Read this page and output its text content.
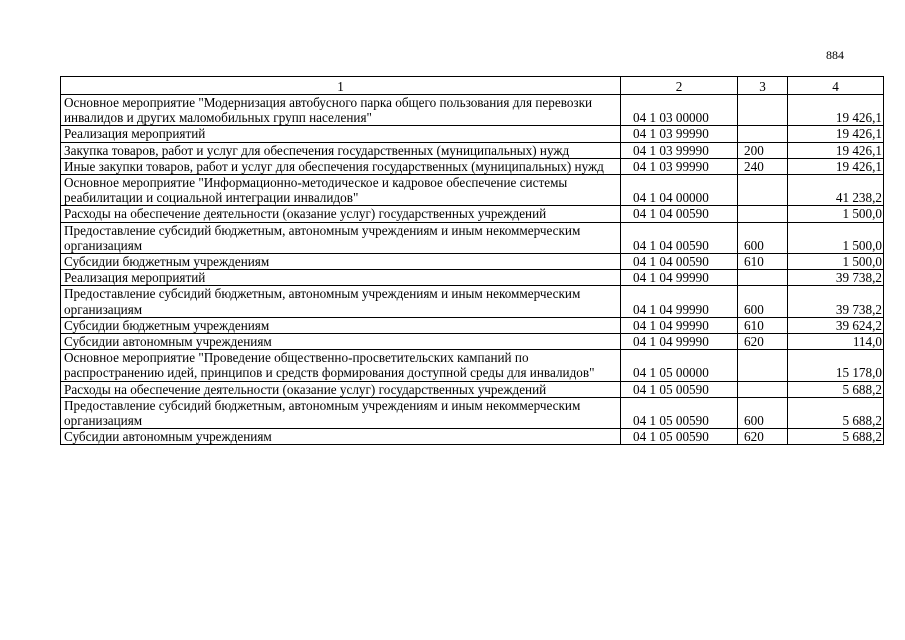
884
1	2	3	4
Основное мероприятие "Модернизация автобусного парка общего пользования для перевозки инвалидов и других маломобильных групп населения"	04 1 03 00000		19 426,1
Реализация мероприятий	04 1 03 99990		19 426,1
Закупка товаров, работ и услуг для обеспечения государственных (муниципальных) нужд	04 1 03 99990	200	19 426,1
Иные закупки товаров, работ и услуг для обеспечения государственных (муниципальных) нужд	04 1 03 99990	240	19 426,1
Основное мероприятие "Информационно-методическое и кадровое обеспечение системы реабилитации и социальной интеграции инвалидов"	04 1 04 00000		41 238,2
Расходы на обеспечение деятельности (оказание услуг) государственных учреждений	04 1 04 00590		1 500,0
Предоставление субсидий бюджетным, автономным учреждениям и иным некоммерческим организациям	04 1 04 00590	600	1 500,0
Субсидии бюджетным учреждениям	04 1 04 00590	610	1 500,0
Реализация мероприятий	04 1 04 99990		39 738,2
Предоставление субсидий бюджетным, автономным учреждениям и иным некоммерческим организациям	04 1 04 99990	600	39 738,2
Субсидии бюджетным учреждениям	04 1 04 99990	610	39 624,2
Субсидии автономным учреждениям	04 1 04 99990	620	114,0
Основное мероприятие "Проведение общественно-просветительских кампаний по распространению идей, принципов и средств формирования доступной среды для инвалидов"	04 1 05 00000		15 178,0
Расходы на обеспечение деятельности (оказание услуг) государственных учреждений	04 1 05 00590		5 688,2
Предоставление субсидий бюджетным, автономным учреждениям и иным некоммерческим организациям	04 1 05 00590	600	5 688,2
Субсидии автономным учреждениям	04 1 05 00590	620	5 688,2
